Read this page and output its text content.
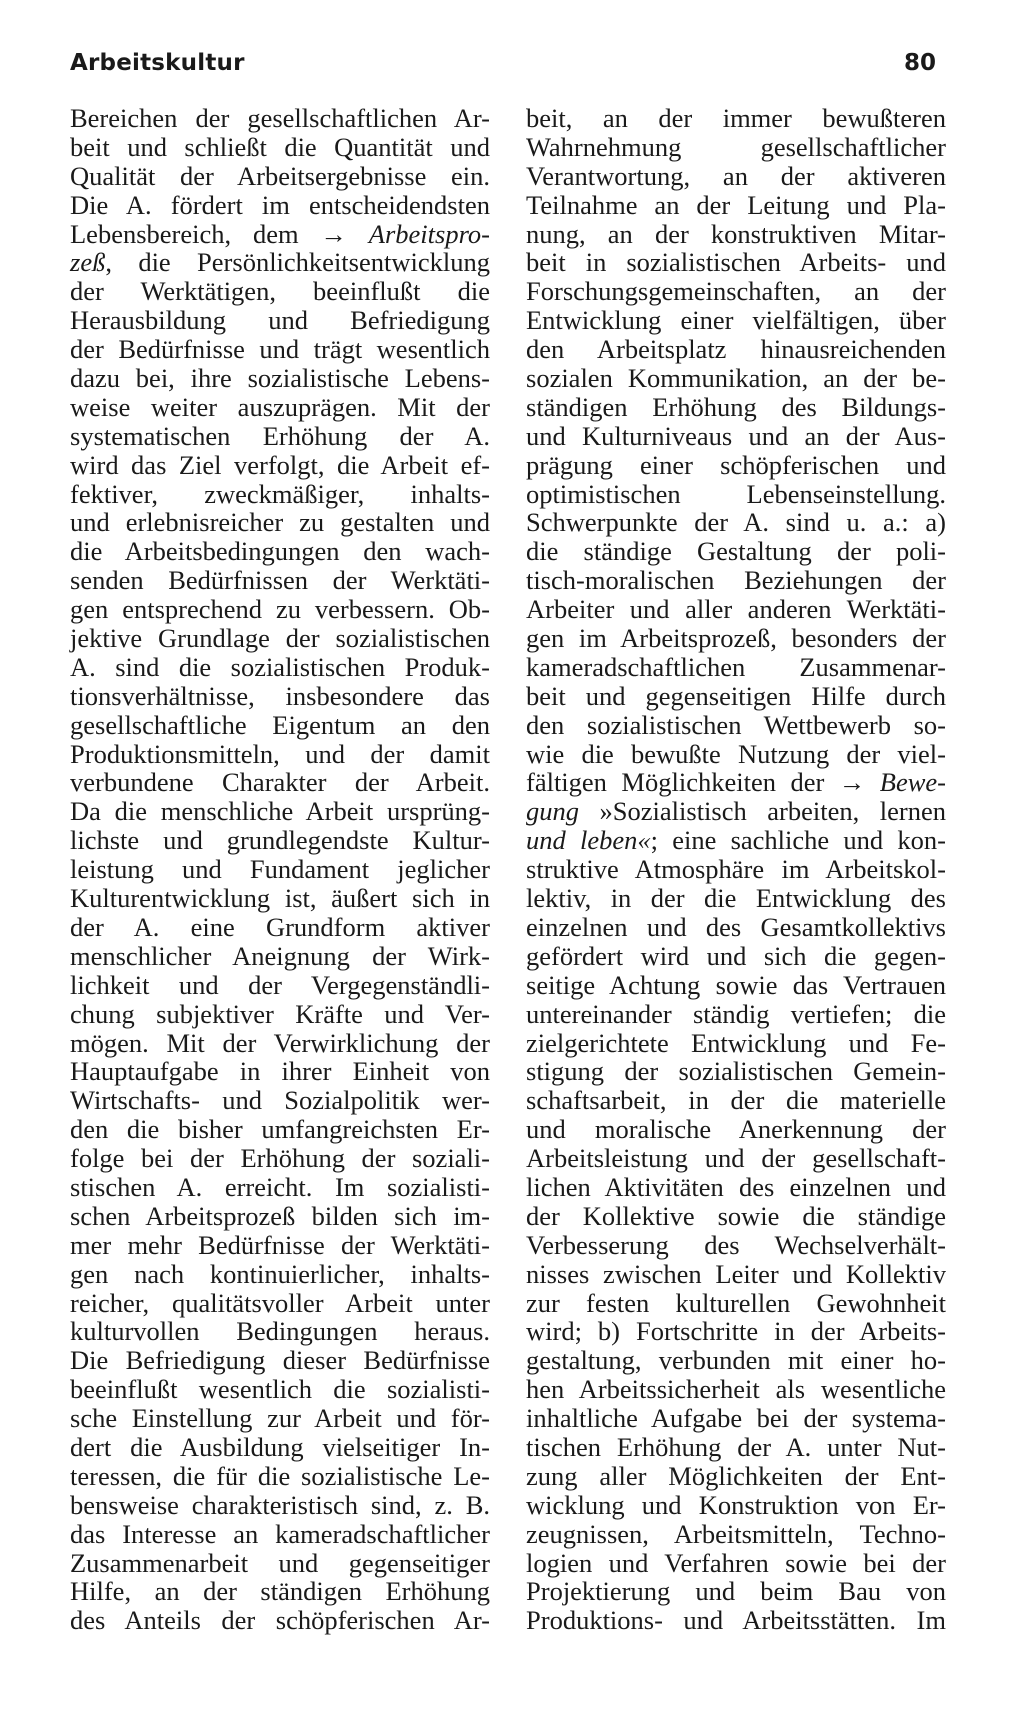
Arbeitskultur	80
Bereichen der gesellschaftlichen Ar-
beit und schließt die Quantität und
Qualität der Arbeitsergebnisse ein.
Die A. fördert im entscheidendsten
Lebensbereich, dem → Arbeitspro-
zeß, die Persönlichkeitsentwicklung
der Werktätigen, beeinflußt die
Herausbildung und Befriedigung
der Bedürfnisse und trägt wesentlich
dazu bei, ihre sozialistische Lebens-
weise weiter auszuprägen. Mit der
systematischen Erhöhung der A.
wird das Ziel verfolgt, die Arbeit ef-
fektiver, zweckmäßiger, inhalts-
und erlebnisreicher zu gestalten und
die Arbeitsbedingungen den wach-
senden Bedürfnissen der Werktäti-
gen entsprechend zu verbessern. Ob-
jektive Grundlage der sozialistischen
A. sind die sozialistischen Produk-
tionsverhältnisse, insbesondere das
gesellschaftliche Eigentum an den
Produktionsmitteln, und der damit
verbundene Charakter der Arbeit.
Da die menschliche Arbeit ursprüng-
lichste und grundlegendste Kultur-
leistung und Fundament jeglicher
Kulturentwicklung ist, äußert sich in
der A. eine Grundform aktiver
menschlicher Aneignung der Wirk-
lichkeit und der Vergegenständli-
chung subjektiver Kräfte und Ver-
mögen. Mit der Verwirklichung der
Hauptaufgabe in ihrer Einheit von
Wirtschafts- und Sozialpolitik wer-
den die bisher umfangreichsten Er-
folge bei der Erhöhung der soziali-
stischen A. erreicht. Im sozialisti-
schen Arbeitsprozeß bilden sich im-
mer mehr Bedürfnisse der Werktäti-
gen nach kontinuierlicher, inhalts-
reicher, qualitätsvoller Arbeit unter
kulturvollen Bedingungen heraus.
Die Befriedigung dieser Bedürfnisse
beeinflußt wesentlich die sozialisti-
sche Einstellung zur Arbeit und för-
dert die Ausbildung vielseitiger In-
teressen, die für die sozialistische Le-
bensweise charakteristisch sind, z. B.
das Interesse an kameradschaftlicher
Zusammenarbeit und gegenseitiger
Hilfe, an der ständigen Erhöhung
des Anteils der schöpferischen Ar-
beit, an der immer bewußteren
Wahrnehmung gesellschaftlicher
Verantwortung, an der aktiveren
Teilnahme an der Leitung und Pla-
nung, an der konstruktiven Mitar-
beit in sozialistischen Arbeits- und
Forschungsgemeinschaften, an der
Entwicklung einer vielfältigen, über
den Arbeitsplatz hinausreichenden
sozialen Kommunikation, an der be-
ständigen Erhöhung des Bildungs-
und Kulturniveaus und an der Aus-
prägung einer schöpferischen und
optimistischen Lebenseinstellung.
Schwerpunkte der A. sind u. a.: a)
die ständige Gestaltung der poli-
tisch-moralischen Beziehungen der
Arbeiter und aller anderen Werktäti-
gen im Arbeitsprozeß, besonders der
kameradschaftlichen Zusammenar-
beit und gegenseitigen Hilfe durch
den sozialistischen Wettbewerb so-
wie die bewußte Nutzung der viel-
fältigen Möglichkeiten der → Bewe-
gung »Sozialistisch arbeiten, lernen
und leben«; eine sachliche und kon-
struktive Atmosphäre im Arbeitskol-
lektiv, in der die Entwicklung des
einzelnen und des Gesamtkollektivs
gefördert wird und sich die gegen-
seitige Achtung sowie das Vertrauen
untereinander ständig vertiefen; die
zielgerichtete Entwicklung und Fe-
stigung der sozialistischen Gemein-
schaftsarbeit, in der die materielle
und moralische Anerkennung der
Arbeitsleistung und der gesellschaft-
lichen Aktivitäten des einzelnen und
der Kollektive sowie die ständige
Verbesserung des Wechselverhält-
nisses zwischen Leiter und Kollektiv
zur festen kulturellen Gewohnheit
wird; b) Fortschritte in der Arbeits-
gestaltung, verbunden mit einer ho-
hen Arbeitssicherheit als wesentliche
inhaltliche Aufgabe bei der systema-
tischen Erhöhung der A. unter Nut-
zung aller Möglichkeiten der Ent-
wicklung und Konstruktion von Er-
zeugnissen, Arbeitsmitteln, Techno-
logien und Verfahren sowie bei der
Projektierung und beim Bau von
Produktions- und Arbeitsstätten. Im
